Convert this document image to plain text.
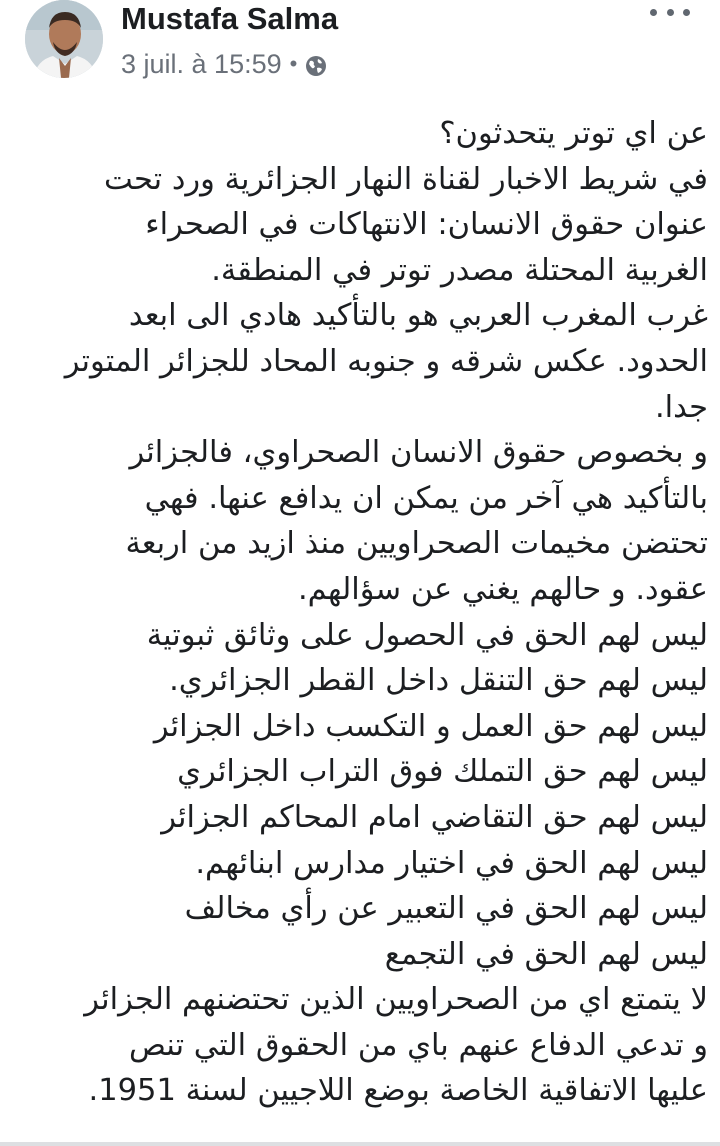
Mustafa Salma
3 juil. à 15:59 •
عن اي توتر يتحدثون؟
في شريط الاخبار لقناة النهار الجزائرية ورد تحت
عنوان حقوق الانسان: الانتهاكات في الصحراء
الغربية المحتلة مصدر توتر في المنطقة.
غرب المغرب العربي هو بالتأكيد هادي الى ابعد
الحدود. عكس شرقه و جنوبه المحاد للجزائر المتوتر
جدا.
و بخصوص حقوق الانسان الصحراوي، فالجزائر
بالتأكيد هي آخر من يمكن ان يدافع عنها. فهي
تحتضن مخيمات الصحراويين منذ ازيد من اربعة
عقود. و حالهم يغني عن سؤالهم.
ليس لهم الحق في الحصول على وثائق ثبوتية
ليس لهم حق التنقل داخل القطر الجزائري.
ليس لهم حق العمل و التكسب داخل الجزائر
ليس لهم حق التملك فوق التراب الجزائري
ليس لهم حق التقاضي امام المحاكم الجزائر
ليس لهم الحق في اختيار مدارس ابنائهم.
ليس لهم الحق في التعبير عن رأي مخالف
ليس لهم الحق في التجمع
لا يتمتع اي من الصحراويين الذين تحتضنهم الجزائر
و تدعي الدفاع عنهم باي من الحقوق التي تنص
عليها الاتفاقية الخاصة بوضع اللاجيين لسنة 1951.
